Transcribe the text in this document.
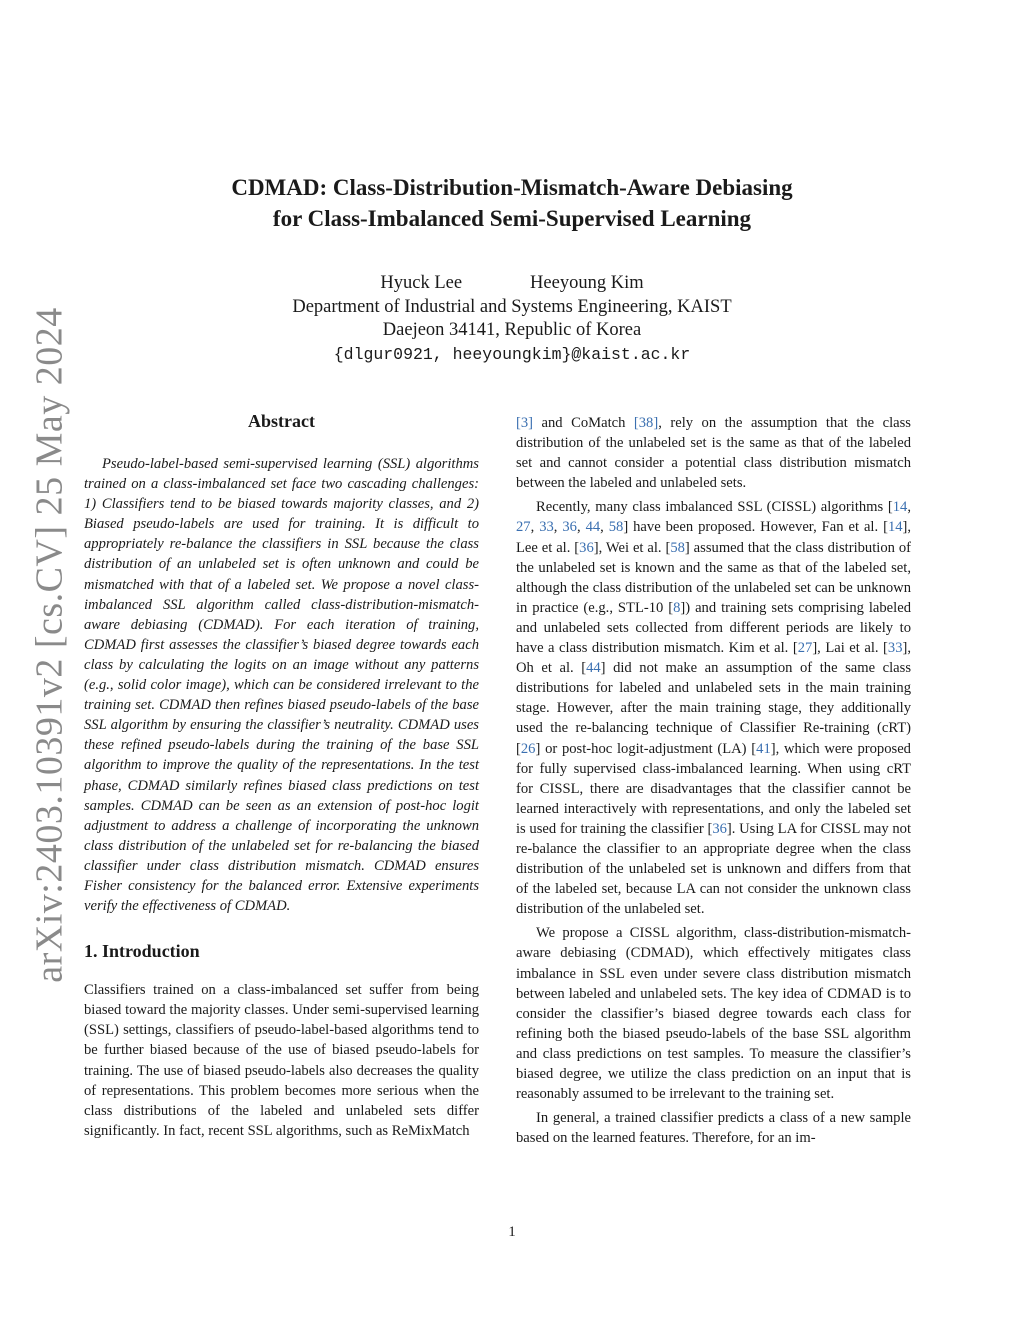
arXiv:2403.10391v2 [cs.CV] 25 May 2024
CDMAD: Class-Distribution-Mismatch-Aware Debiasing
for Class-Imbalanced Semi-Supervised Learning
Hyuck Lee	Heeyoung Kim
Department of Industrial and Systems Engineering, KAIST
Daejeon 34141, Republic of Korea
{dlgur0921, heeyoungkim}@kaist.ac.kr
Abstract

Pseudo-label-based semi-supervised learning (SSL) algorithms trained on a class-imbalanced set face two cascading challenges: 1) Classifiers tend to be biased towards majority classes, and 2) Biased pseudo-labels are used for training. It is difficult to appropriately re-balance the classifiers in SSL because the class distribution of an unlabeled set is often unknown and could be mismatched with that of a labeled set. We propose a novel class-imbalanced SSL algorithm called class-distribution-mismatch-aware debiasing (CDMAD). For each iteration of training, CDMAD first assesses the classifier’s biased degree towards each class by calculating the logits on an image without any patterns (e.g., solid color image), which can be considered irrelevant to the training set. CDMAD then refines biased pseudo-labels of the base SSL algorithm by ensuring the classifier’s neutrality. CDMAD uses these refined pseudo-labels during the training of the base SSL algorithm to improve the quality of the representations. In the test phase, CDMAD similarly refines biased class predictions on test samples. CDMAD can be seen as an extension of post-hoc logit adjustment to address a challenge of incorporating the unknown class distribution of the unlabeled set for re-balancing the biased classifier under class distribution mismatch. CDMAD ensures Fisher consistency for the balanced error. Extensive experiments verify the effectiveness of CDMAD.

1. Introduction

Classifiers trained on a class-imbalanced set suffer from being biased toward the majority classes. Under semi-supervised learning (SSL) settings, classifiers of pseudo-label-based algorithms tend to be further biased because of the use of biased pseudo-labels for training. The use of biased pseudo-labels also decreases the quality of representations. This problem becomes more serious when the class distributions of the labeled and unlabeled sets differ significantly. In fact, recent SSL algorithms, such as ReMixMatch

[3] and CoMatch [38], rely on the assumption that the class distribution of the unlabeled set is the same as that of the labeled set and cannot consider a potential class distribution mismatch between the labeled and unlabeled sets.

Recently, many class imbalanced SSL (CISSL) algorithms [14, 27, 33, 36, 44, 58] have been proposed. However, Fan et al. [14], Lee et al. [36], Wei et al. [58] assumed that the class distribution of the unlabeled set is known and the same as that of the labeled set, although the class distribution of the unlabeled set can be unknown in practice (e.g., STL-10 [8]) and training sets comprising labeled and unlabeled sets collected from different periods are likely to have a class distribution mismatch. Kim et al. [27], Lai et al. [33], Oh et al. [44] did not make an assumption of the same class distributions for labeled and unlabeled sets in the main training stage. However, after the main training stage, they additionally used the re-balancing technique of Classifier Re-training (cRT) [26] or post-hoc logit-adjustment (LA) [41], which were proposed for fully supervised class-imbalanced learning. When using cRT for CISSL, there are disadvantages that the classifier cannot be learned interactively with representations, and only the labeled set is used for training the classifier [36]. Using LA for CISSL may not re-balance the classifier to an appropriate degree when the class distribution of the unlabeled set is unknown and differs from that of the labeled set, because LA can not consider the unknown class distribution of the unlabeled set.

We propose a CISSL algorithm, class-distribution-mismatch-aware debiasing (CDMAD), which effectively mitigates class imbalance in SSL even under severe class distribution mismatch between labeled and unlabeled sets. The key idea of CDMAD is to consider the classifier’s biased degree towards each class for refining both the biased pseudo-labels of the base SSL algorithm and class predictions on test samples. To measure the classifier’s biased degree, we utilize the class prediction on an input that is reasonably assumed to be irrelevant to the training set.

In general, a trained classifier predicts a class of a new sample based on the learned features. Therefore, for an im-

1
